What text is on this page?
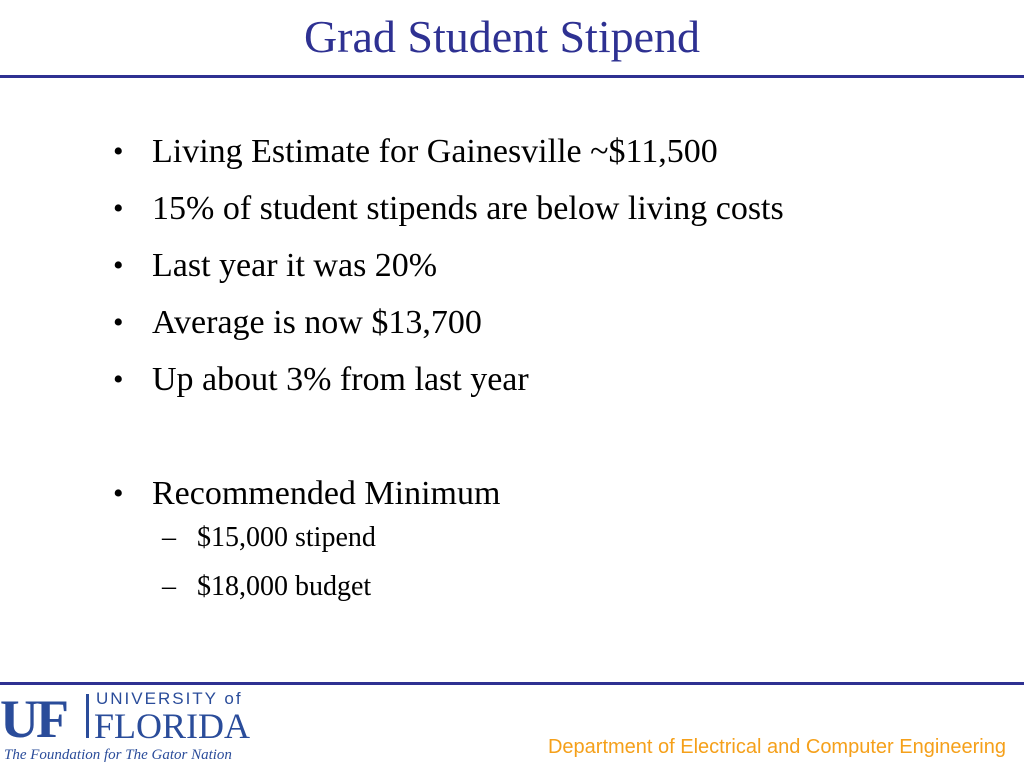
Grad Student Stipend
• Living Estimate for Gainesville ~$11,500
• 15% of student stipends are below living costs
• Last year it was 20%
• Average is now $13,700
• Up about 3% from last year
• Recommended Minimum
– $15,000 stipend
– $18,000 budget
UF UNIVERSITY of
FLORIDA
The Foundation for The Gator Nation	Department of Electrical and Computer Engineering
